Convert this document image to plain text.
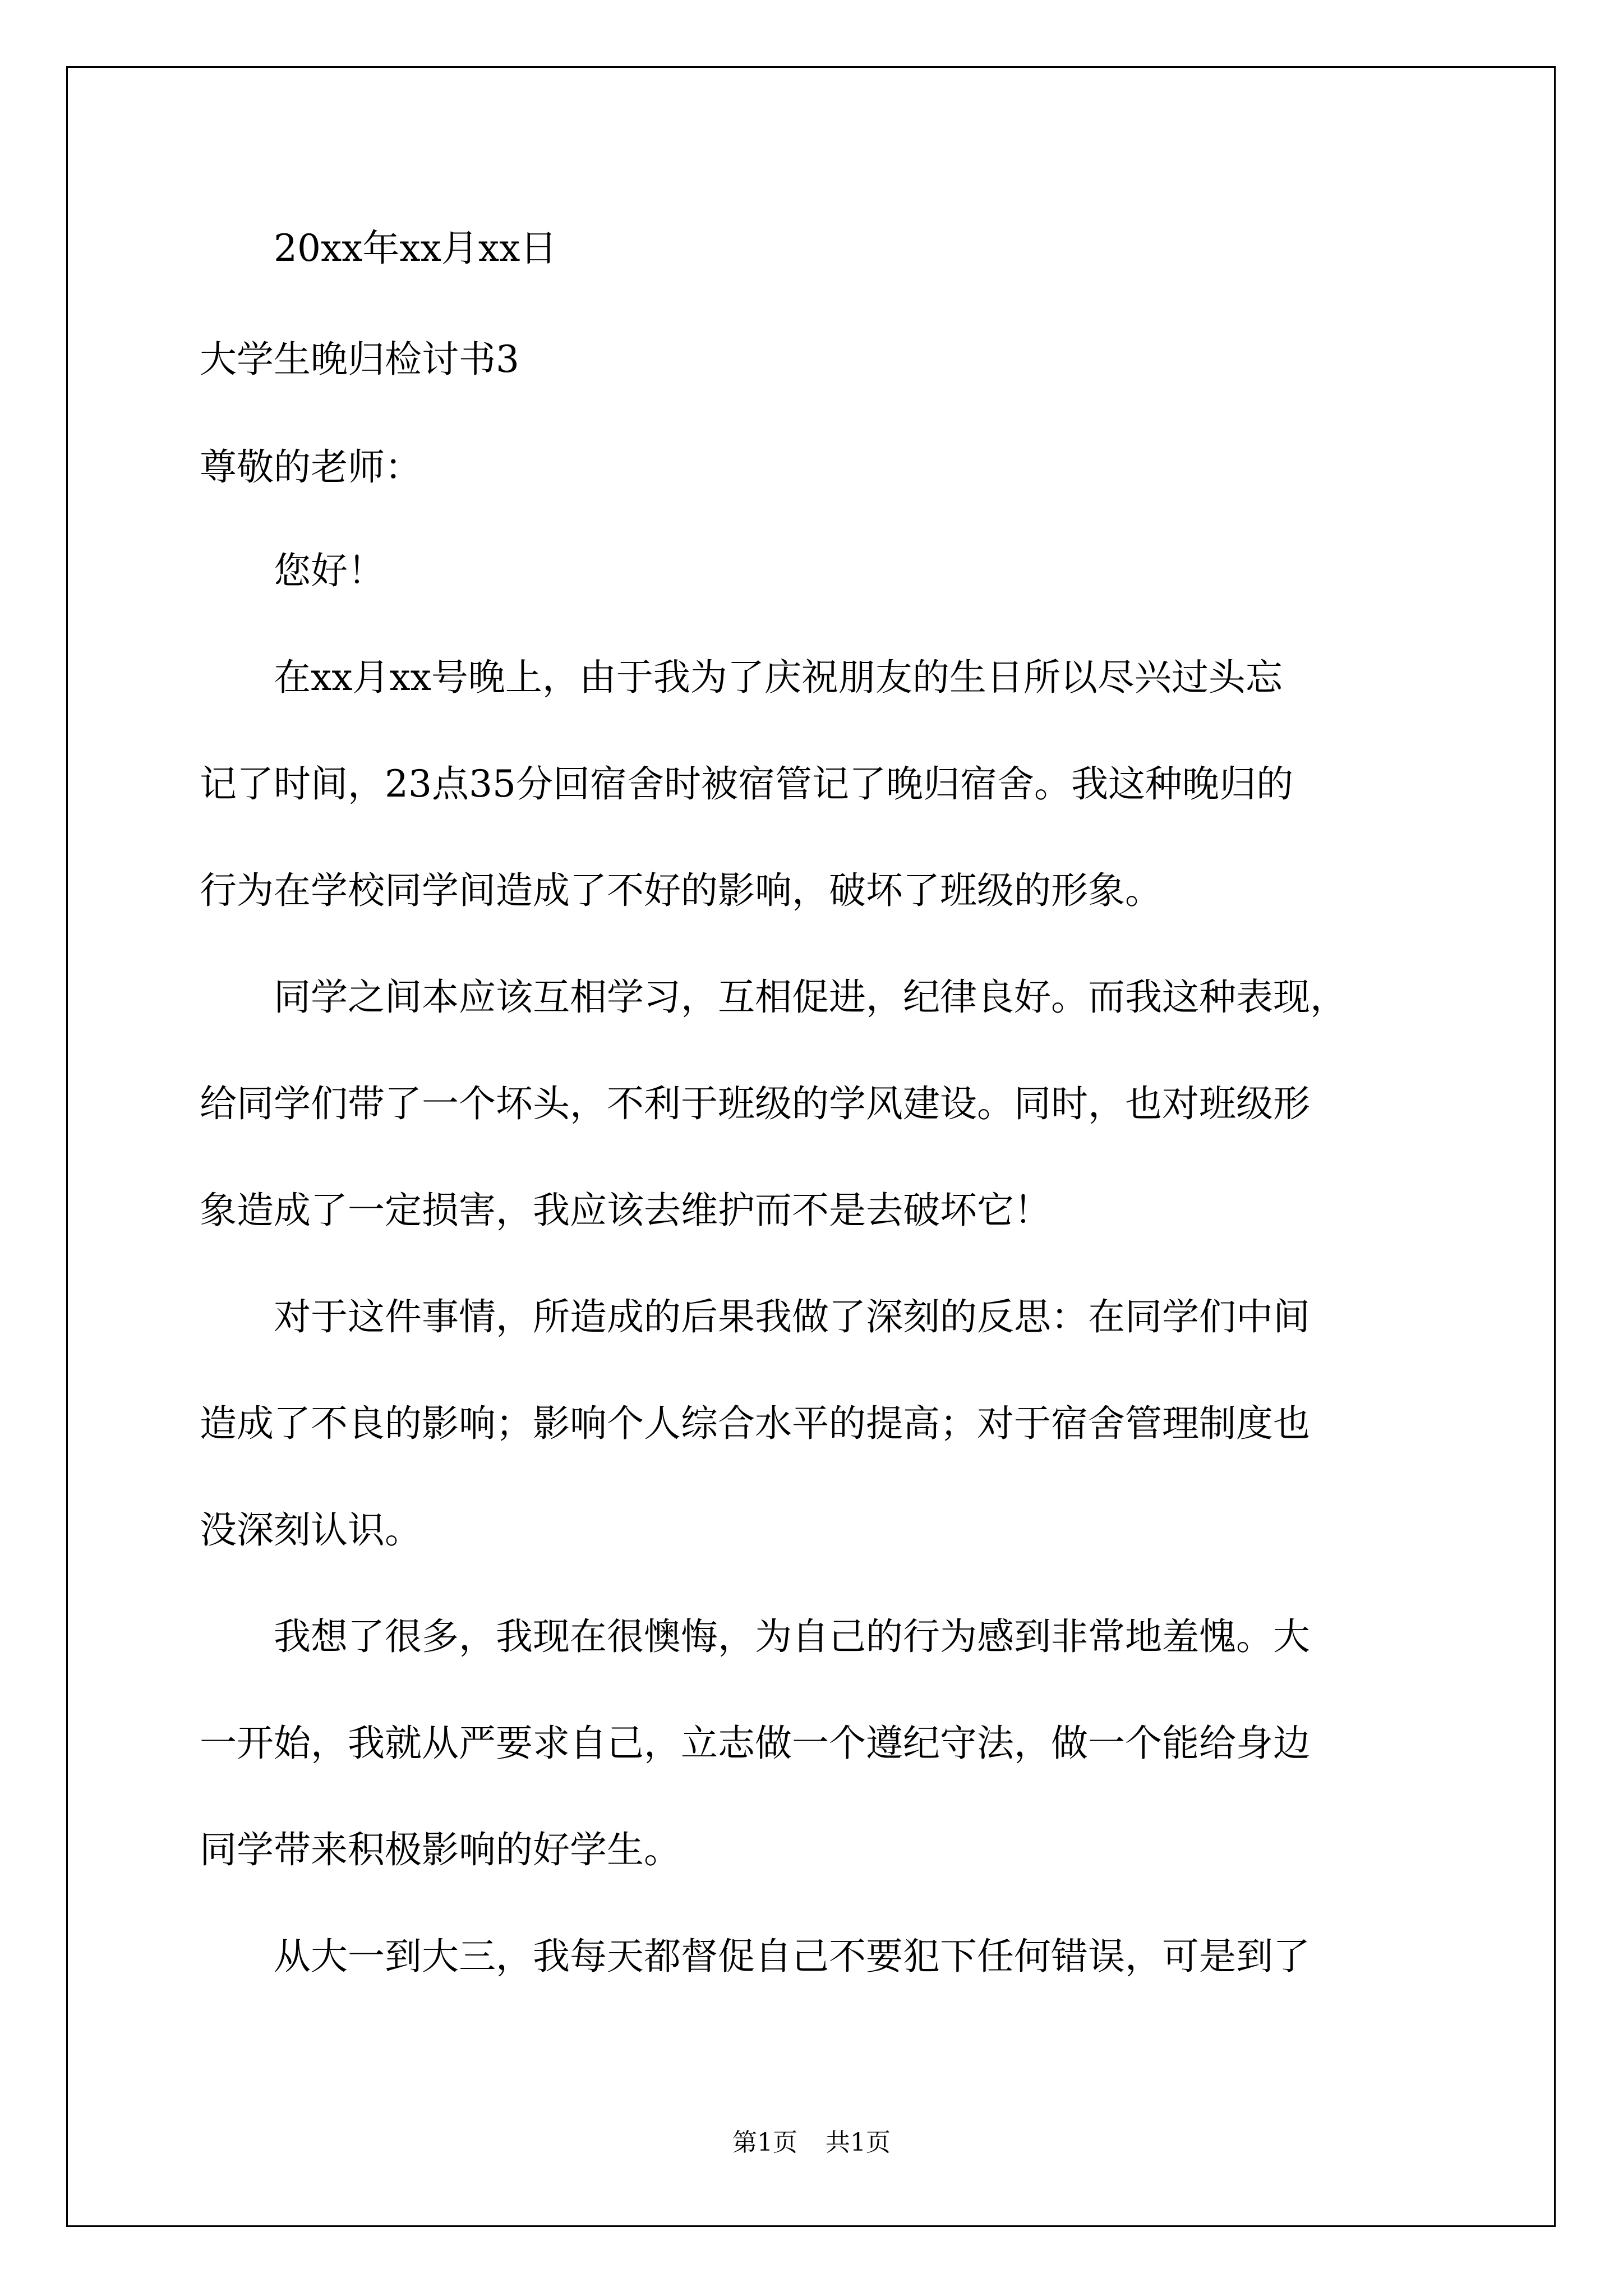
　　20xx年xx月xx日

大学生晚归检讨书3

尊敬的老师：

　　您好！

　　在xx月xx号晚上，由于我为了庆祝朋友的生日所以尽兴过头忘

记了时间，23点35分回宿舍时被宿管记了晚归宿舍。我这种晚归的

行为在学校同学间造成了不好的影响，破坏了班级的形象。

　　同学之间本应该互相学习，互相促进，纪律良好。而我这种表现，

给同学们带了一个坏头，不利于班级的学风建设。同时，也对班级形

象造成了一定损害，我应该去维护而不是去破坏它！

　　对于这件事情，所造成的后果我做了深刻的反思：在同学们中间

造成了不良的影响；影响个人综合水平的提高；对于宿舍管理制度也

没深刻认识。

　　我想了很多，我现在很懊悔，为自己的行为感到非常地羞愧。大

一开始，我就从严要求自己，立志做一个遵纪守法，做一个能给身边

同学带来积极影响的好学生。

　　从大一到大三，我每天都督促自己不要犯下任何错误，可是到了

第1页 共1页
